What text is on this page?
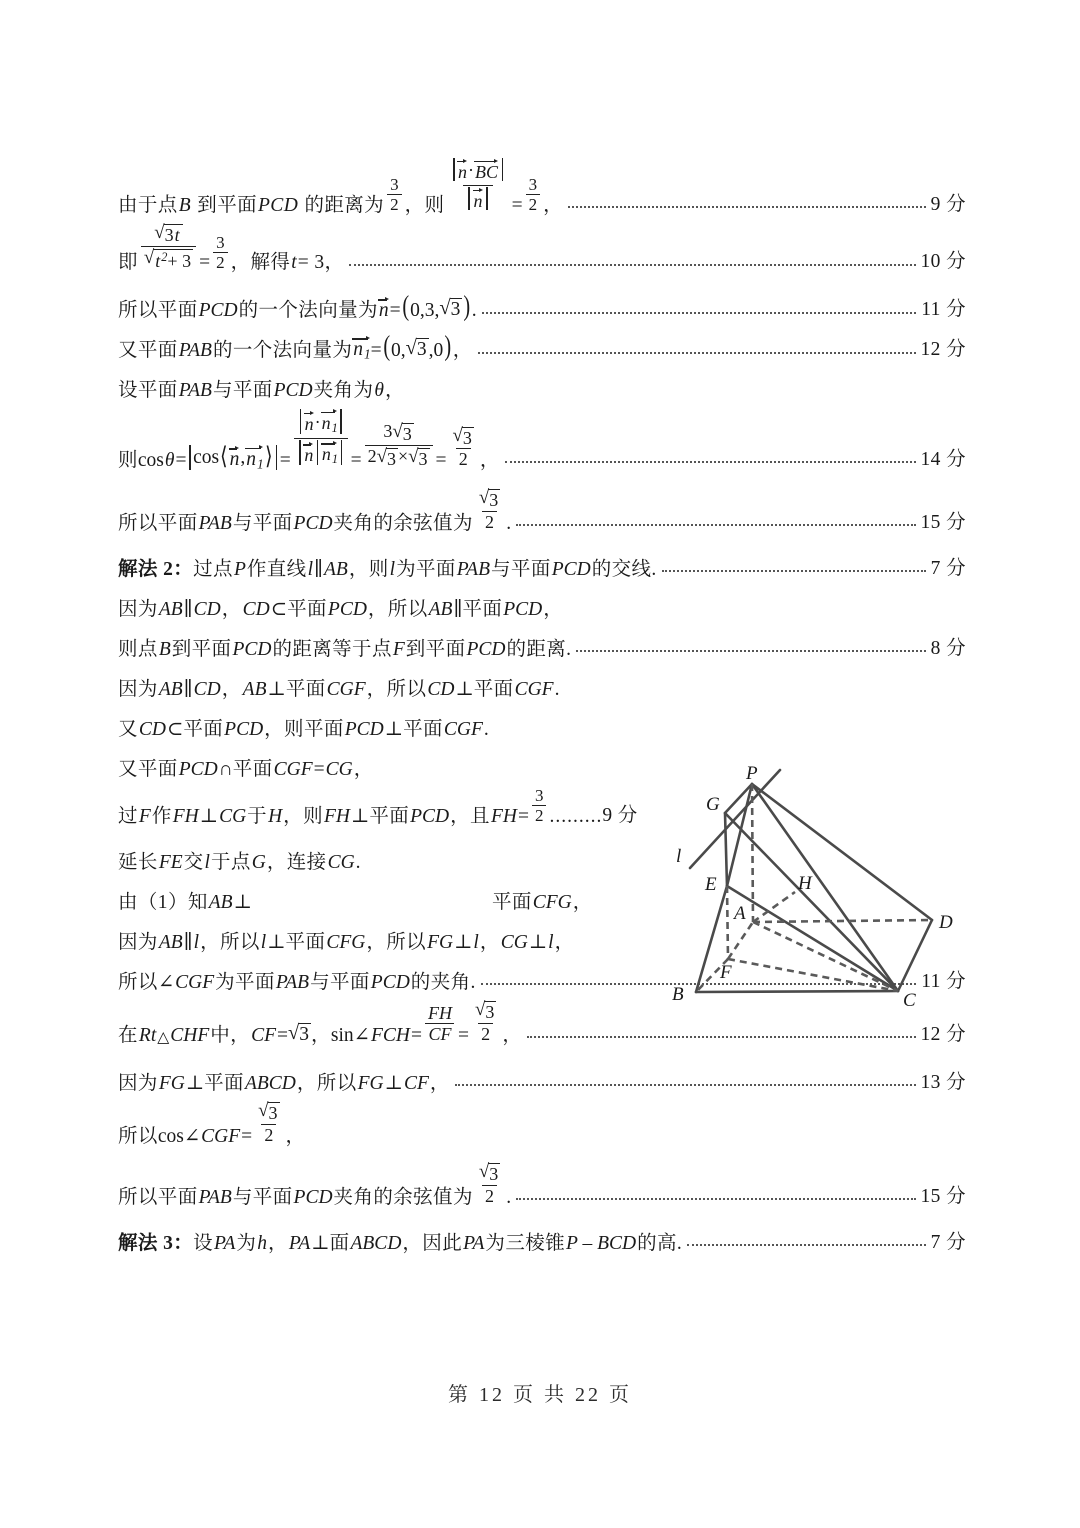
由于点B 到平面PCD 的距离为 $\frac{3}{2}$ ，则 $\frac{n \cdot BC}{n} = \frac{3}{2}$ ，	9 分
即 $\frac{√ 3t}{√ t^2+ 3} = \frac{3}{2}$ ，解得 t = 3，	10 分
所以平面 PCD 的一个法向量为 n = ( 0,3, √ 3 ) .	11 分
又平面 PAB 的一个法向量为 $n_1$ = ( 0, √ 3 ,0 ) ，	12 分
设平面 PAB 与平面 PCD 夹角为 θ ，
则 cos θ = cos ⟨ n , $n_1$ ⟩ = $\frac{n \cdot n_1}{n n_1} = \frac{3 √ 3}{2 √ 3 \times √ 3} = \frac{√ 3}{2}$ ，	14 分
所以平面 PAB 与平面 PCD 夹角的余弦值为 $\frac{√ 3}{2}$ .	15 分
解法 2： 过点 P 作直线 l ∥ AB ，则 l 为平面 PAB 与平面 PCD 的交线.	7 分
因为 AB ∥ CD ， CD ⊂ 平面 PCD ，所以 AB ∥ 平面 PCD ，
则点 B 到平面 PCD 的距离等于点 F 到平面 PCD 的距离.	8 分
因为 AB ∥ CD ， AB ⊥ 平面 CGF ，所以 CD ⊥ 平面 CGF .
又 CD ⊂ 平面 PCD ，则平面 PCD ⊥ 平面 CGF .
又平面 PCD ∩ 平面 CGF = CG ，
过 F 作 FH ⊥ CG 于 H ，则 FH ⊥ 平面 PCD ，且 FH = $\frac{3}{2}$ ......... 9 分
延长 FE 交 l 于点 G ，连接 CG .
由（1）知 AB ⊥	平面 CFG ，
因为 AB ∥ l ，所以 l ⊥ 平面 CFG ，所以 FG ⊥ l ， CG ⊥ l ，
所以 ∠ CGF 为平面 PAB 与平面 PCD 的夹角.	11 分
在 Rt △ CHF 中， CF = √ 3 ， sin ∠ FCH = $\frac{FH}{CF} = \frac{√ 3}{2}$ ，	12 分
因为 FG ⊥ 平面 ABCD ，所以 FG ⊥ CF ，	13 分
所以 cos ∠ CGF = $\frac{√ 3}{2}$ ，
所以平面 PAB 与平面 PCD 夹角的余弦值为 $\frac{√ 3}{2}$ .	15 分
解法 3： 设 PA 为 h ， PA ⊥ 面 ABCD ，因此 PA 为三棱锥 P – BCD 的高.	7 分
P
G
l
E	H
A	D
B
F
C
第 12 页 共 22 页
